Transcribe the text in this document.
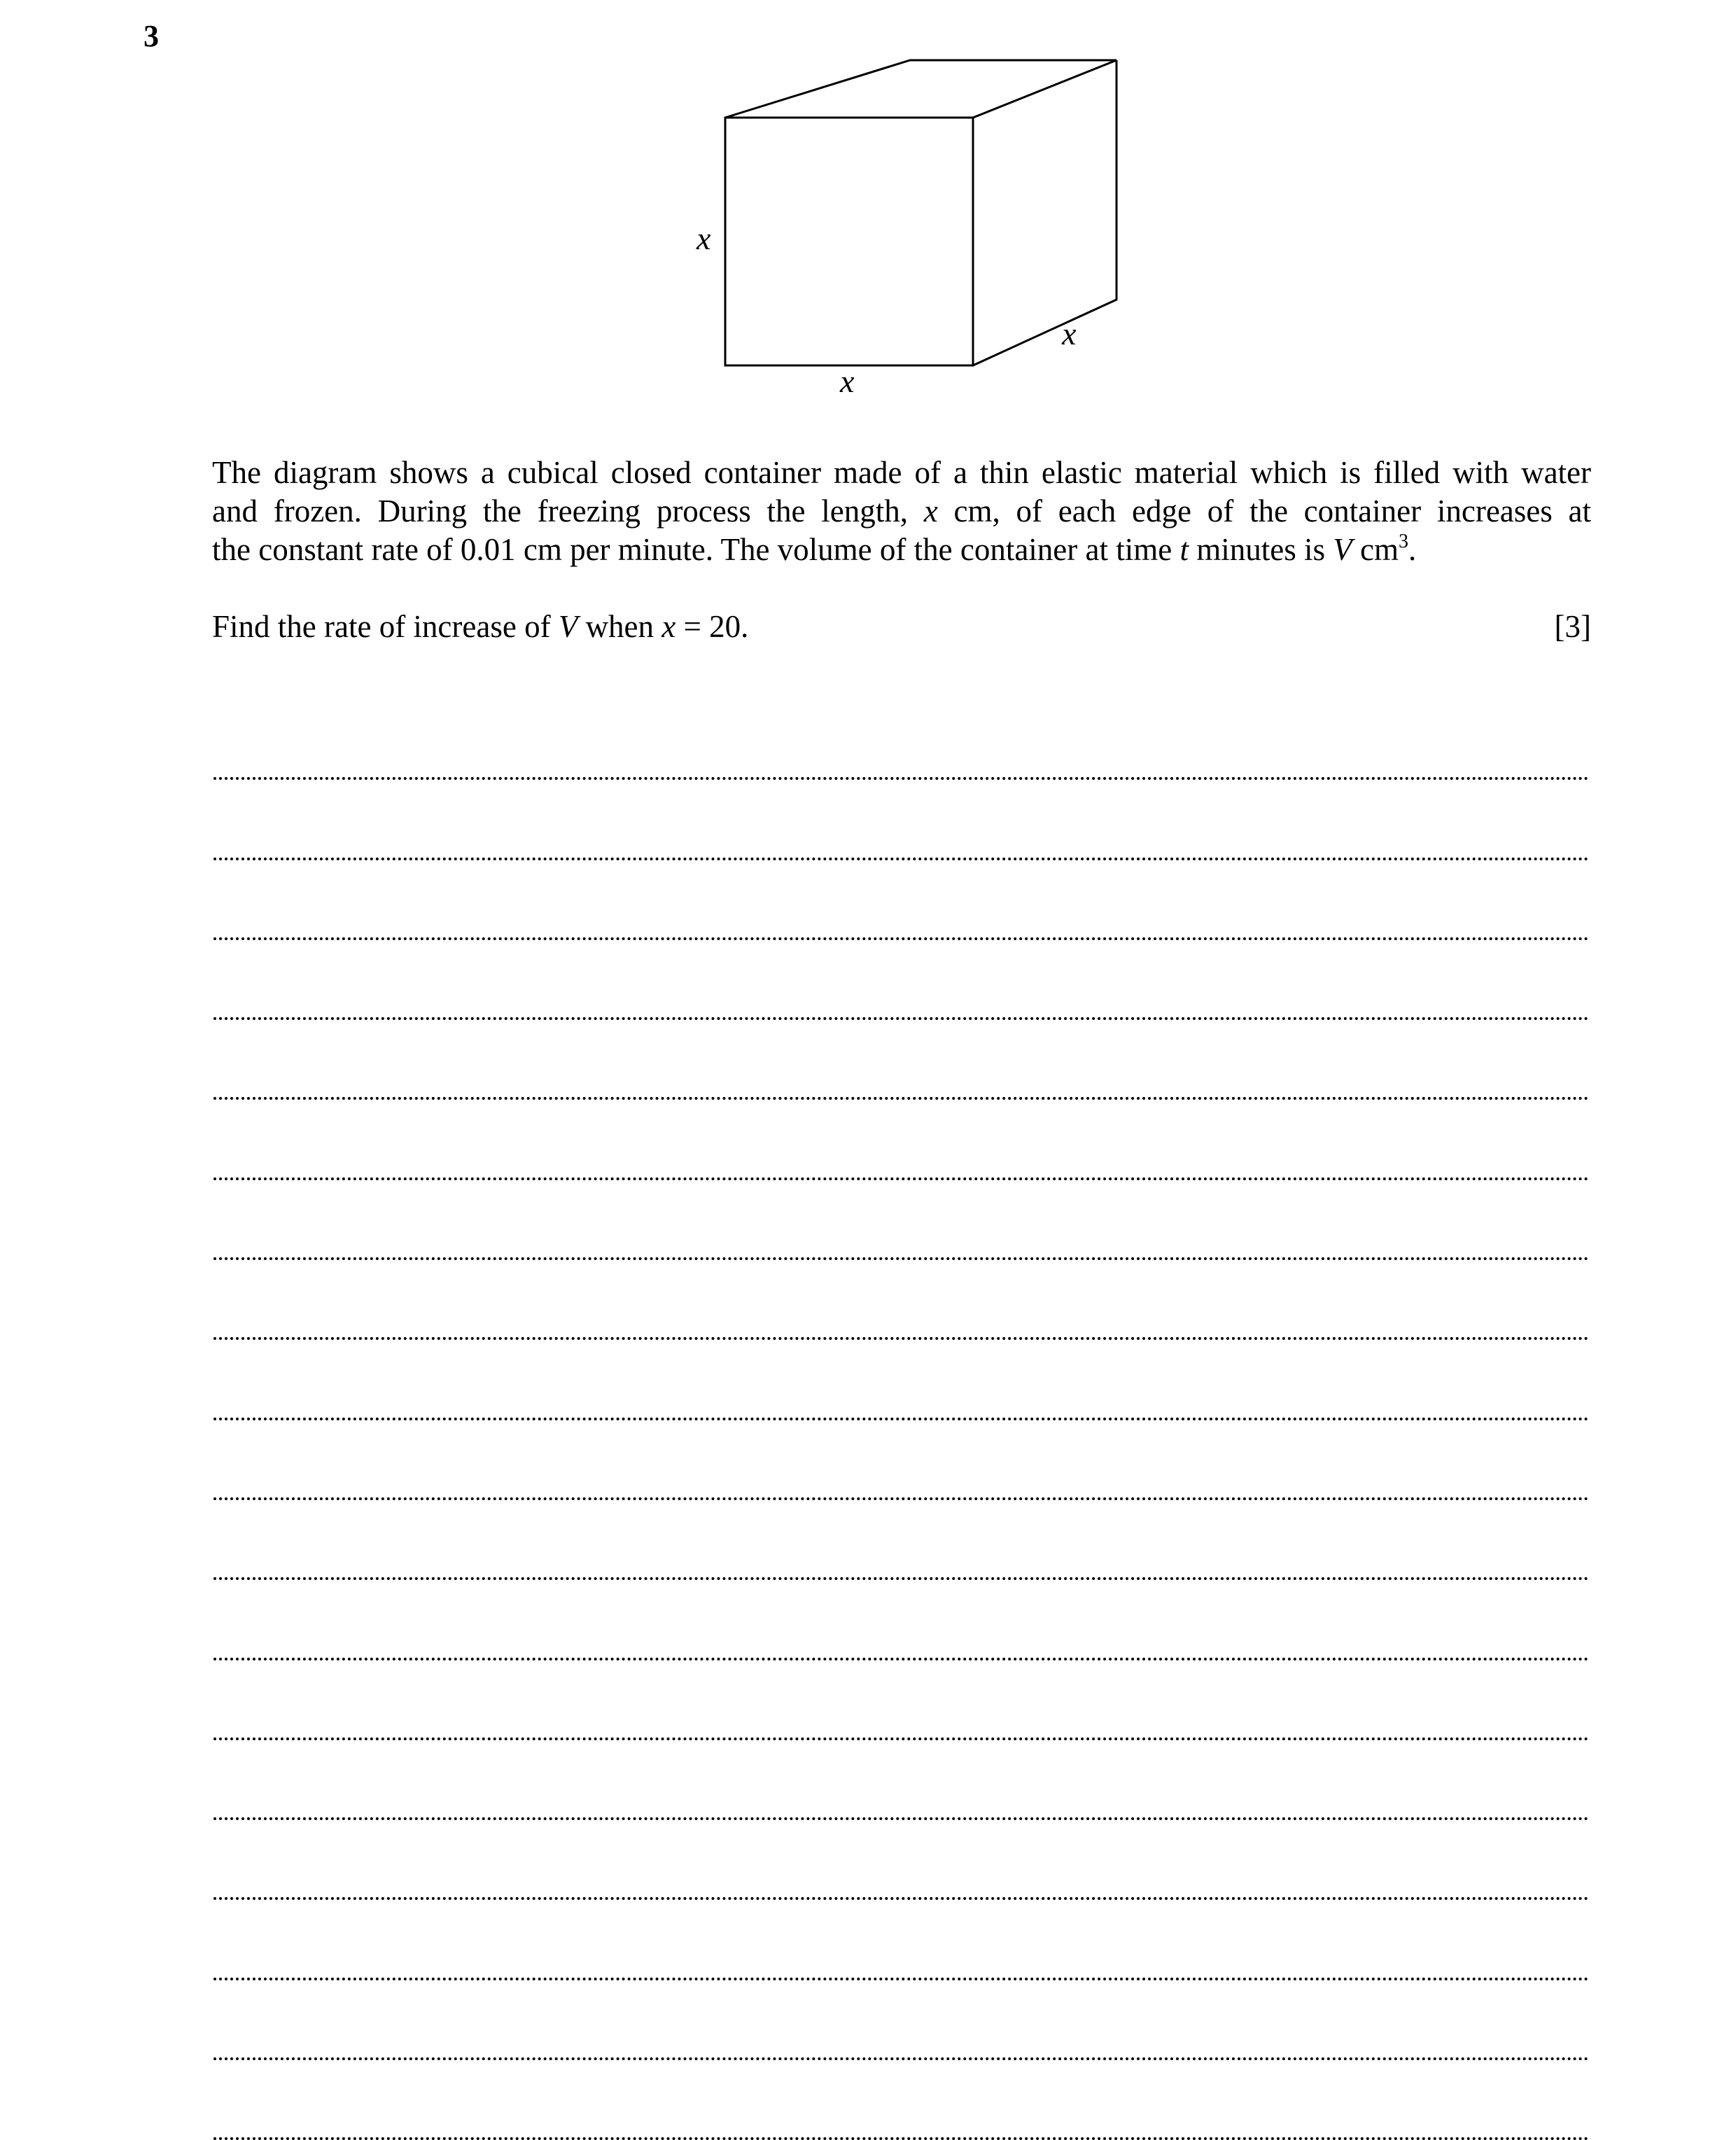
3
x
x
x
The diagram shows a cubical closed container made of a thin elastic material which is filled with water
and frozen. During the freezing process the length, x cm, of each edge of the container increases at
the constant rate of 0.01 cm per minute. The volume of the container at time t minutes is V $cm^3$.
Find the rate of increase of V when x = 20.	[3]
